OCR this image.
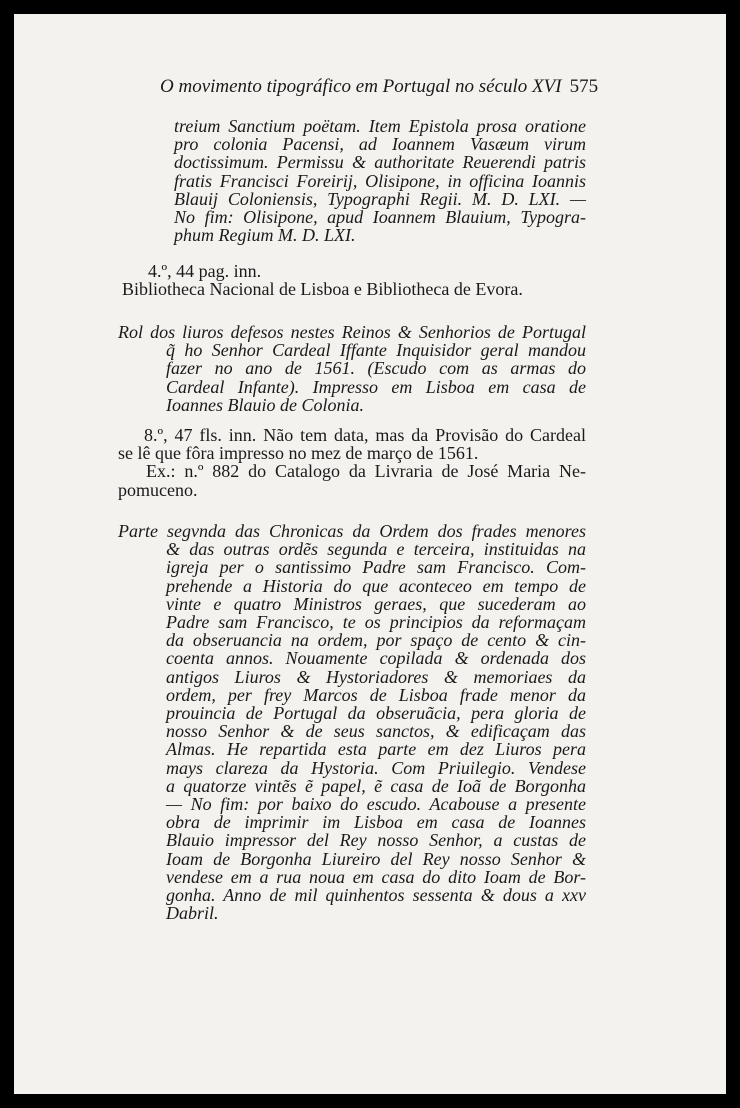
O movimento tipográfico em Portugal no século XVI 575

treium Sanctium poëtam. Item Epistola prosa oratione

pro colonia Pacensi, ad Ioannem Vasæum virum

doctissimum. Permissu & authoritate Reuerendi patris

fratis Francisci Foreirij, Olisipone, in officina Ioannis

Blauij Coloniensis, Typographi Regii. M. D. LXI. —

No fim: Olisipone, apud Ioannem Blauium, Typogra-

phum Regium M. D. LXI.

4.º, 44 pag. inn.

Bibliotheca Nacional de Lisboa e Bibliotheca de Evora.

Rol dos liuros defesos nestes Reinos & Senhorios de Portugal

q̃ ho Senhor Cardeal Iffante Inquisidor geral mandou

fazer no ano de 1561. (Escudo com as armas do

Cardeal Infante). Impresso em Lisboa em casa de

Ioannes Blauio de Colonia.

8.º, 47 fls. inn. Não tem data, mas da Provisão do Cardeal

se lê que fôra impresso no mez de março de 1561.

Ex.: n.º 882 do Catalogo da Livraria de José Maria Ne-

pomuceno.

Parte segvnda das Chronicas da Ordem dos frades menores

& das outras ordẽs segunda e terceira, instituidas na

igreja per o santissimo Padre sam Francisco. Com-

prehende a Historia do que aconteceo em tempo de

vinte e quatro Ministros geraes, que sucederam ao

Padre sam Francisco, te os principios da reformaçam

da obseruancia na ordem, por spaço de cento & cin-

coenta annos. Nouamente copilada & ordenada dos

antigos Liuros & Hystoriadores & memoriaes da

ordem, per frey Marcos de Lisboa frade menor da

prouincia de Portugal da obseruãcia, pera gloria de

nosso Senhor & de seus sanctos, & edificaçam das

Almas. He repartida esta parte em dez Liuros pera

mays clareza da Hystoria. Com Priuilegio. Vendese

a quatorze vintẽs ẽ papel, ẽ casa de Ioã de Borgonha

— No fim: por baixo do escudo. Acabouse a presente

obra de imprimir im Lisboa em casa de Ioannes

Blauio impressor del Rey nosso Senhor, a custas de

Ioam de Borgonha Liureiro del Rey nosso Senhor &

vendese em a rua noua em casa do dito Ioam de Bor-

gonha. Anno de mil quinhentos sessenta & dous a xxv

Dabril.
